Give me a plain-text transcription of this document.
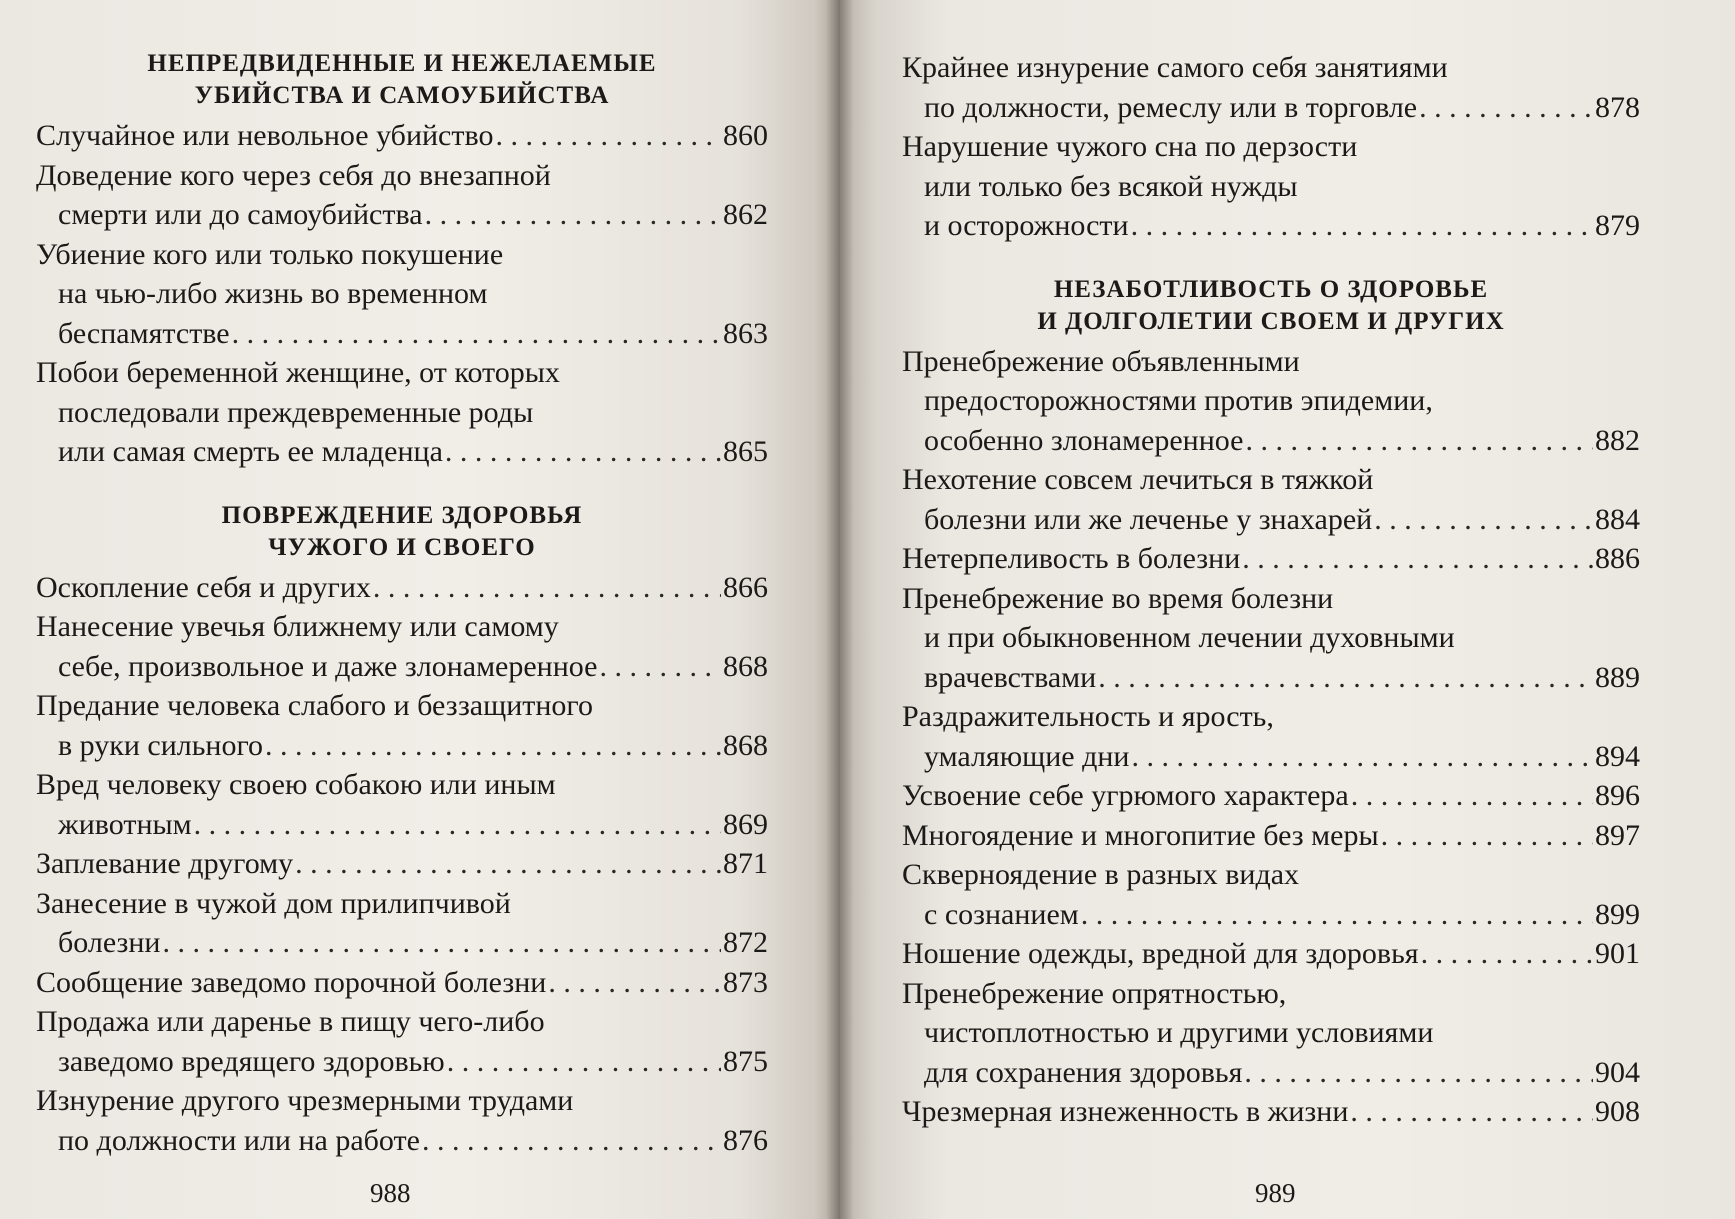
НЕПРЕДВИДЕННЫЕ И НЕЖЕЛАЕМЫЕ
УБИЙСТВА И САМОУБИЙСТВА
Случайное или невольное убийство . . .	860
Доведение кого через себя до внезапной
смерти или до самоубийства . . .	862
Убиение кого или только покушение
на чью-либо жизнь во временном
беспамятстве . . .	863
Побои беременной женщине, от которых
последовали преждевременные роды
или самая смерть ее младенца . . .	865
ПОВРЕЖДЕНИЕ ЗДОРОВЬЯ
ЧУЖОГО И СВОЕГО
Оскопление себя и других . . .	866
Нанесение увечья ближнему или самому
себе, произвольное и даже злонамеренное . . .	868
Предание человека слабого и беззащитного
в руки сильного . . .	868
Вред человеку своею собакою или иным
животным . . .	869
Заплевание другому . . .	871
Занесение в чужой дом прилипчивой
болезни . . .	872
Сообщение заведомо порочной болезни . . .	873
Продажа или даренье в пищу чего-либо
заведомо вредящего здоровью . . .	875
Изнурение другого чрезмерными трудами
по должности или на работе . . .	876
988
Крайнее изнурение самого себя занятиями
по должности, ремеслу или в торговле . . .	878
Нарушение чужого сна по дерзости
или только без всякой нужды
и осторожности . . .	879
НЕЗАБОТЛИВОСТЬ О ЗДОРОВЬЕ
И ДОЛГОЛЕТИИ СВОЕМ И ДРУГИХ
Пренебрежение объявленными
предосторожностями против эпидемии,
особенно злонамеренное . . .	882
Нехотение совсем лечиться в тяжкой
болезни или же леченье у знахарей . . .	884
Нетерпеливость в болезни . . .	886
Пренебрежение во время болезни
и при обыкновенном лечении духовными
врачевствами . . .	889
Раздражительность и ярость,
умаляющие дни . . .	894
Усвоение себе угрюмого характера . . .	896
Многоядение и многопитие без меры . . .	897
Скверноядение в разных видах
с сознанием . . .	899
Ношение одежды, вредной для здоровья . . .	901
Пренебрежение опрятностью,
чистоплотностью и другими условиями
для сохранения здоровья . . .	904
Чрезмерная изнеженность в жизни . . .	908
989
